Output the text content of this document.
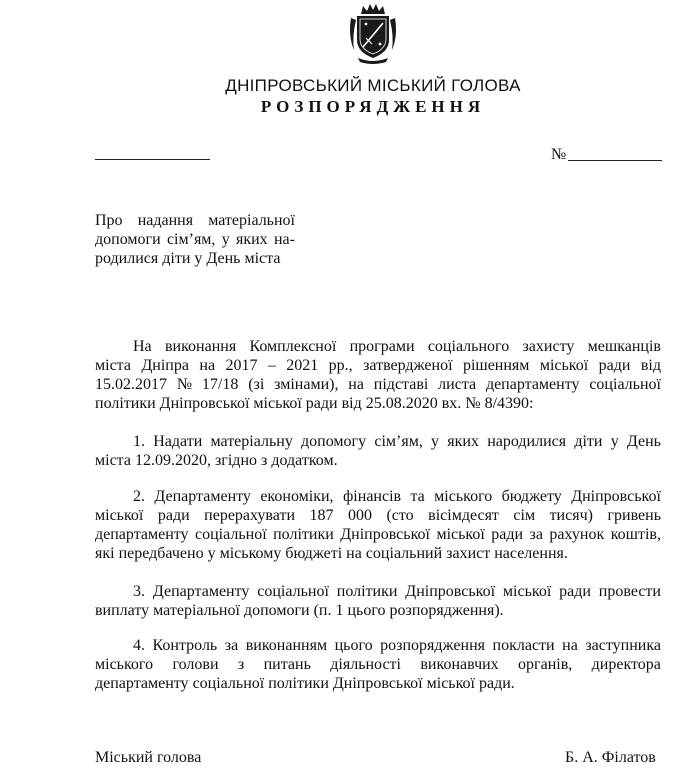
ДНІПРОВСЬКИЙ МІСЬКИЙ ГОЛОВА
РОЗПОРЯДЖЕННЯ
№
Про надання матеріальної
допомоги сім’ям, у яких на-
родилися діти у День міста
На виконання Комплексної програми соціального захисту мешканців
міста Дніпра на 2017 – 2021 рр., затвердженої рішенням міської ради від
15.02.2017 № 17/18 (зі змінами), на підставі листа департаменту соціальної
політики Дніпровської міської ради від 25.08.2020 вх. № 8/4390:
1. Надати матеріальну допомогу сім’ям, у яких народилися діти у День
міста 12.09.2020, згідно з додатком.
2. Департаменту економіки, фінансів та міського бюджету Дніпровської
міської ради перерахувати 187 000 (сто вісімдесят сім тисяч) гривень
департаменту соціальної політики Дніпровської міської ради за рахунок коштів,
які передбачено у міському бюджеті на соціальний захист населення.
3. Департаменту соціальної політики Дніпровської міської ради провести
виплату матеріальної допомоги (п. 1 цього розпорядження).
4. Контроль за виконанням цього розпорядження покласти на заступника
міського голови з питань діяльності виконавчих органів, директора
департаменту соціальної політики Дніпровської міської ради.
Міський голова	Б. А. Філатов
